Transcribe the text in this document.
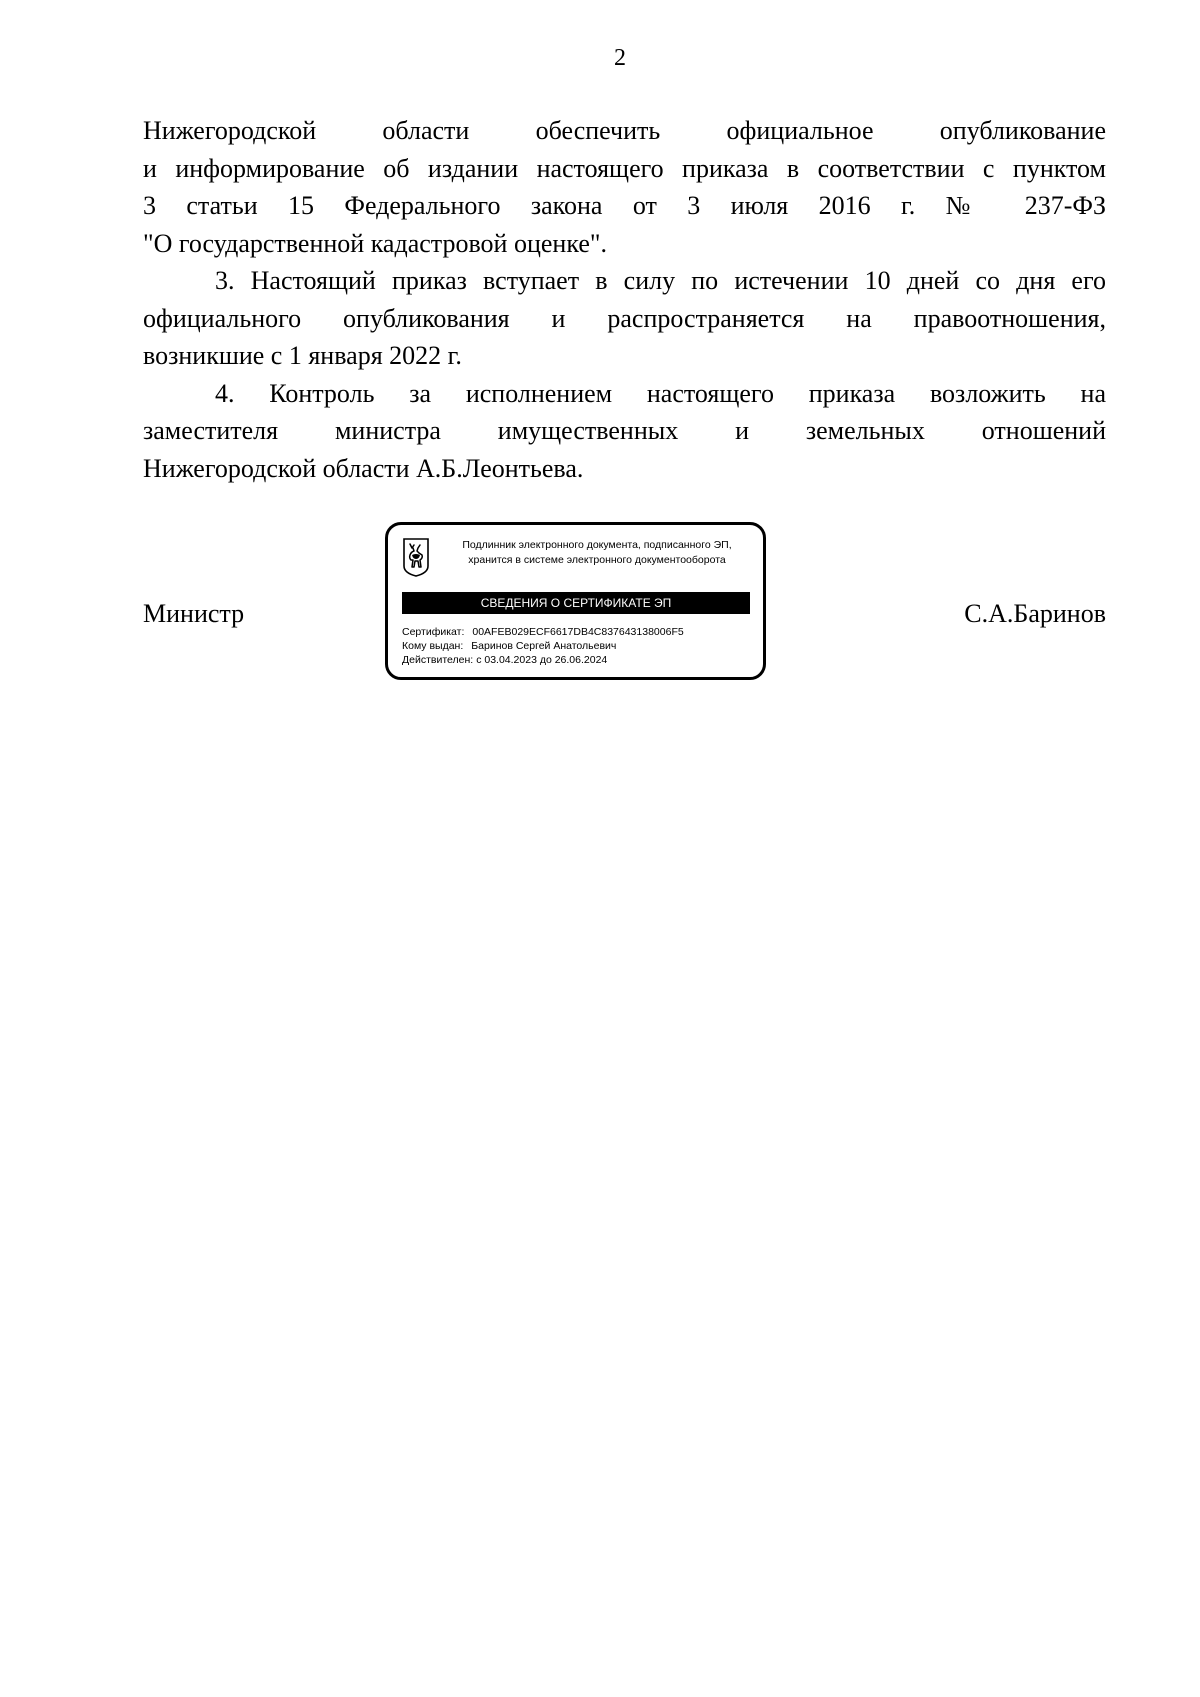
2

Нижегородской области обеспечить официальное опубликование
и информирование об издании настоящего приказа в соответствии с пунктом
3 статьи 15 Федерального закона от 3 июля 2016 г. № 237-ФЗ
"О государственной кадастровой оценке".

3. Настоящий приказ вступает в силу по истечении 10 дней со дня его
официального опубликования и распространяется на правоотношения,
возникшие с 1 января 2022 г.

4. Контроль за исполнением настоящего приказа возложить на
заместителя министра имущественных и земельных отношений
Нижегородской области А.Б.Леонтьева.

Министр	С.А.Баринов
Подлинник электронного документа, подписанного ЭП,
хранится в системе электронного документооборота
СВЕДЕНИЯ О СЕРТИФИКАТЕ ЭП
Сертификат: 00AFEB029ECF6617DB4C837643138006F5
Кому выдан: Баринов Сергей Анатольевич
Действителен: с 03.04.2023 до 26.06.2024
